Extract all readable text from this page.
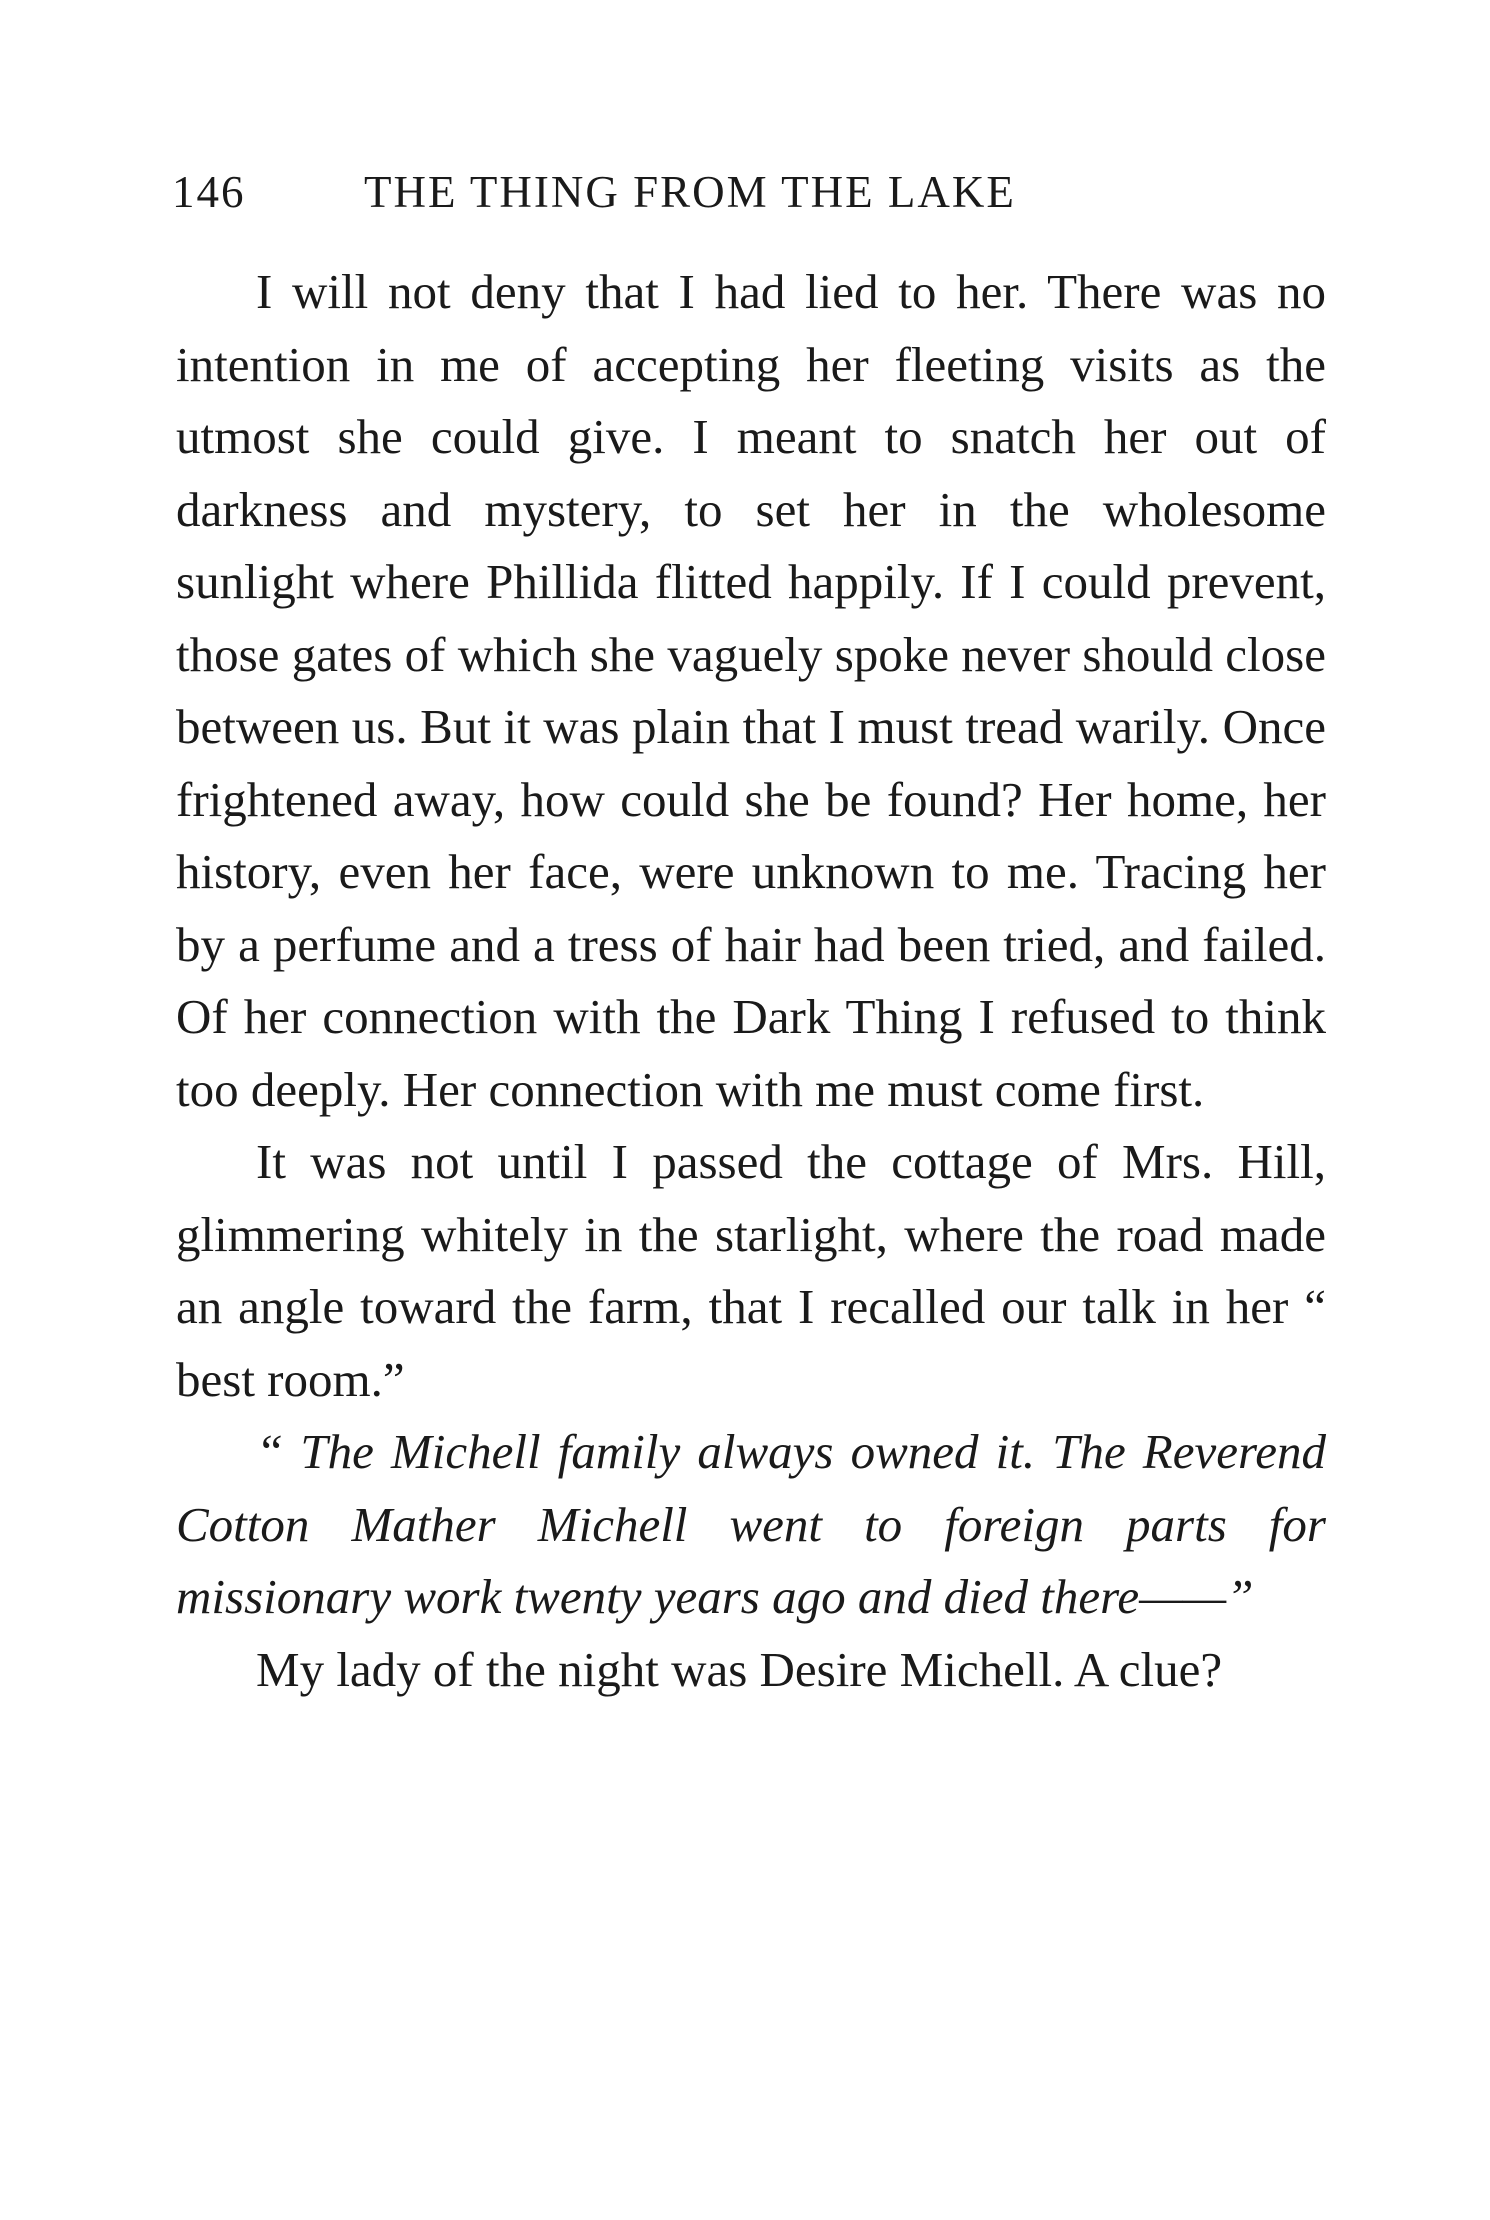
146	THE THING FROM THE LAKE

I will not deny that I had lied to her. There was no intention in me of accepting her fleeting visits as the utmost she could give. I meant to snatch her out of darkness and mystery, to set her in the wholesome sunlight where Phillida flitted happily. If I could prevent, those gates of which she vaguely spoke never should close between us. But it was plain that I must tread warily. Once frightened away, how could she be found? Her home, her history, even her face, were unknown to me. Tracing her by a perfume and a tress of hair had been tried, and failed. Of her connection with the Dark Thing I refused to think too deeply. Her connection with me must come first.

It was not until I passed the cottage of Mrs. Hill, glimmering whitely in the starlight, where the road made an angle toward the farm, that I recalled our talk in her “ best room.”

“ The Michell family always owned it. The Reverend Cotton Mather Michell went to foreign parts for missionary work twenty years ago and died there——”

My lady of the night was Desire Michell. A clue?
